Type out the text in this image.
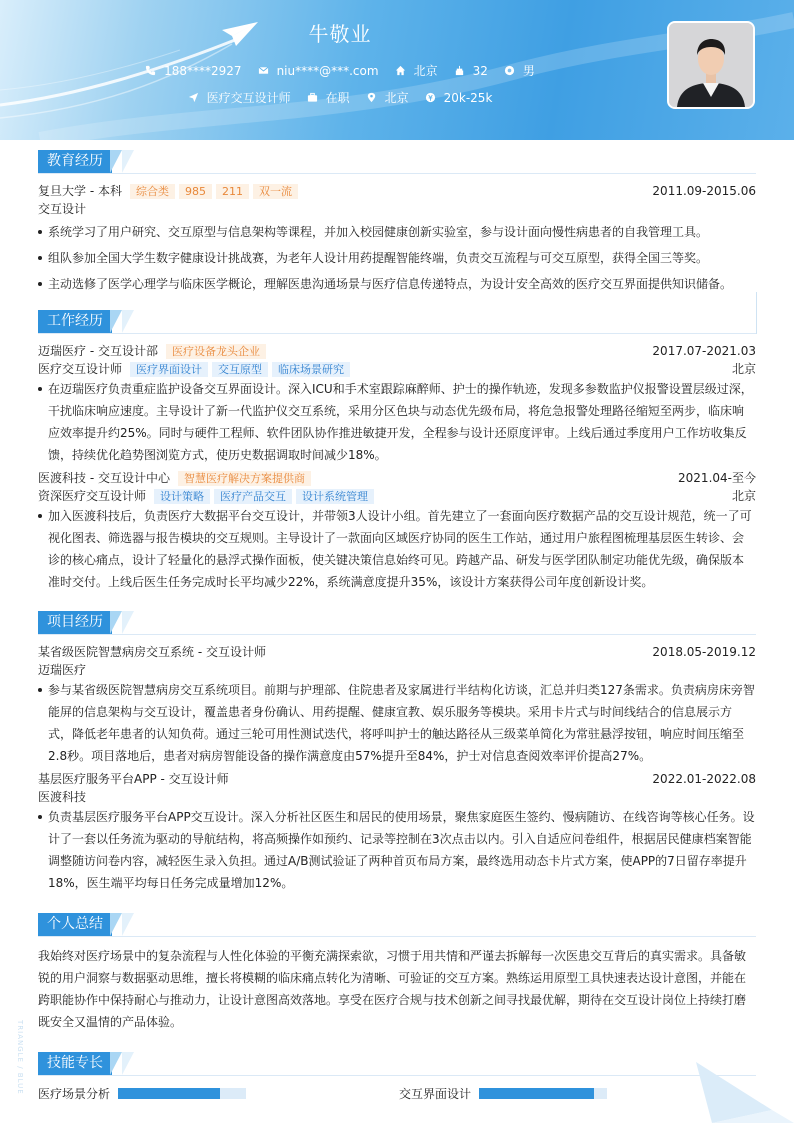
牛敬业
188****2927	niu****@***.com	北京	32	男
医疗交互设计师	在职	北京	20k-25k
教育经历
复旦大学 - 本科	综合类	985	211	双一流	2011.09-2015.06
交互设计
系统学习了用户研究、交互原型与信息架构等课程，并加入校园健康创新实验室，参与设计面向慢性病患者的自我管理工具。
组队参加全国大学生数字健康设计挑战赛，为老年人设计用药提醒智能终端，负责交互流程与可交互原型，获得全国三等奖。
主动选修了医学心理学与临床医学概论，理解医患沟通场景与医疗信息传递特点，为设计安全高效的医疗交互界面提供知识储备。
工作经历
迈瑞医疗 - 交互设计部	医疗设备龙头企业	2017.07-2021.03
医疗交互设计师	医疗界面设计	交互原型	临床场景研究	北京
在迈瑞医疗负责重症监护设备交互界面设计。深入ICU和手术室跟踪麻醉师、护士的操作轨迹，发现多参数监护仪报警设置层级过深，
干扰临床响应速度。主导设计了新一代监护仪交互系统，采用分区色块与动态优先级布局，将危急报警处理路径缩短至两步，临床响
应效率提升约25%。同时与硬件工程师、软件团队协作推进敏捷开发，全程参与设计还原度评审。上线后通过季度用户工作坊收集反
馈，持续优化趋势图浏览方式，使历史数据调取时间减少18%。
医渡科技 - 交互设计中心	智慧医疗解决方案提供商	2021.04-至今
资深医疗交互设计师	设计策略	医疗产品交互	设计系统管理	北京
加入医渡科技后，负责医疗大数据平台交互设计，并带领3人设计小组。首先建立了一套面向医疗数据产品的交互设计规范，统一了可
视化图表、筛选器与报告模块的交互规则。主导设计了一款面向区域医疗协同的医生工作站，通过用户旅程图梳理基层医生转诊、会
诊的核心痛点，设计了轻量化的悬浮式操作面板，使关键决策信息始终可见。跨越产品、研发与医学团队制定功能优先级，确保版本
准时交付。上线后医生任务完成时长平均减少22%，系统满意度提升35%，该设计方案获得公司年度创新设计奖。
项目经历
某省级医院智慧病房交互系统 - 交互设计师	2018.05-2019.12
迈瑞医疗
参与某省级医院智慧病房交互系统项目。前期与护理部、住院患者及家属进行半结构化访谈，汇总并归类127条需求。负责病房床旁智
能屏的信息架构与交互设计，覆盖患者身份确认、用药提醒、健康宣教、娱乐服务等模块。采用卡片式与时间线结合的信息展示方
式，降低老年患者的认知负荷。通过三轮可用性测试迭代，将呼叫护士的触达路径从三级菜单简化为常驻悬浮按钮，响应时间压缩至
2.8秒。项目落地后，患者对病房智能设备的操作满意度由57%提升至84%，护士对信息查阅效率评价提高27%。
基层医疗服务平台APP - 交互设计师	2022.01-2022.08
医渡科技
负责基层医疗服务平台APP交互设计。深入分析社区医生和居民的使用场景，聚焦家庭医生签约、慢病随访、在线咨询等核心任务。设
计了一套以任务流为驱动的导航结构，将高频操作如预约、记录等控制在3次点击以内。引入自适应问卷组件，根据居民健康档案智能
调整随访问卷内容，减轻医生录入负担。通过A/B测试验证了两种首页布局方案，最终选用动态卡片式方案，使APP的7日留存率提升
18%，医生端平均每日任务完成量增加12%。
个人总结
我始终对医疗场景中的复杂流程与人性化体验的平衡充满探索欲，习惯于用共情和严谨去拆解每一次医患交互背后的真实需求。具备敏
锐的用户洞察与数据驱动思维，擅长将模糊的临床痛点转化为清晰、可验证的交互方案。熟练运用原型工具快速表达设计意图，并能在
跨职能协作中保持耐心与推动力，让设计意图高效落地。享受在医疗合规与技术创新之间寻找最优解，期待在交互设计岗位上持续打磨
既安全又温情的产品体验。
技能专长
医疗场景分析	交互界面设计
TRIANGLE / BLUE
